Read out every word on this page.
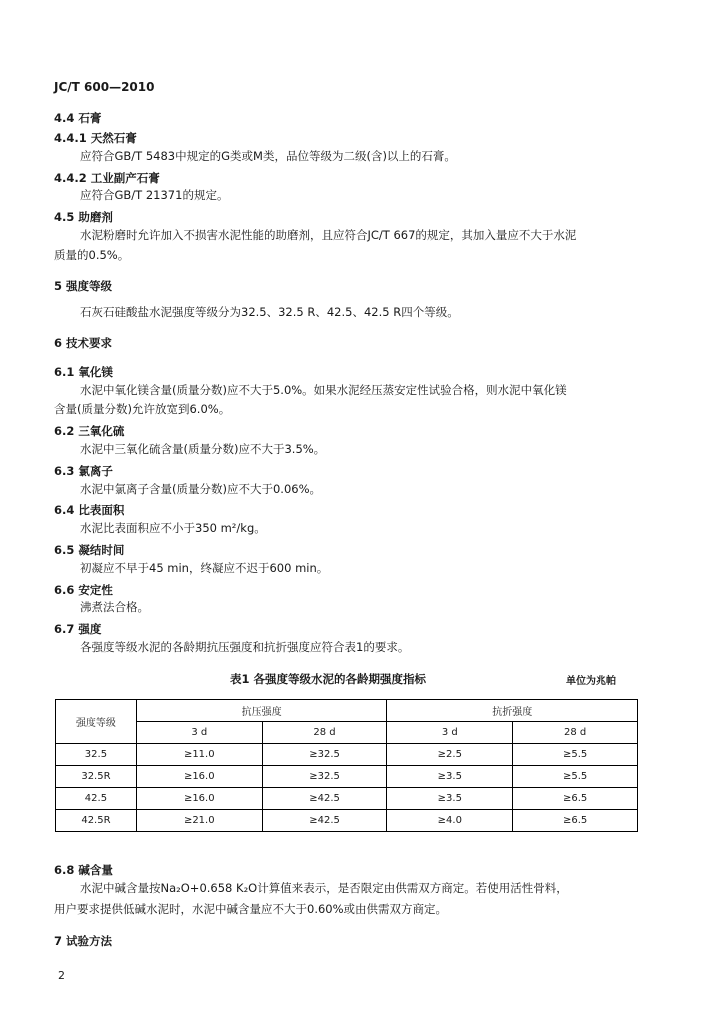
JC/T 600—2010
4.4 石膏
4.4.1 天然石膏
应符合GB/T 5483中规定的G类或M类，品位等级为二级(含)以上的石膏。
4.4.2 工业副产石膏
应符合GB/T 21371的规定。
4.5 助磨剂
水泥粉磨时允许加入不损害水泥性能的助磨剂，且应符合JC/T 667的规定，其加入量应不大于水泥
质量的0.5%。
5 强度等级
石灰石硅酸盐水泥强度等级分为32.5、32.5 R、42.5、42.5 R四个等级。
6 技术要求
6.1 氧化镁
水泥中氧化镁含量(质量分数)应不大于5.0%。如果水泥经压蒸安定性试验合格，则水泥中氧化镁
含量(质量分数)允许放宽到6.0%。
6.2 三氧化硫
水泥中三氧化硫含量(质量分数)应不大于3.5%。
6.3 氯离子
水泥中氯离子含量(质量分数)应不大于0.06%。
6.4 比表面积
水泥比表面积应不小于350 m²/kg。
6.5 凝结时间
初凝应不早于45 min，终凝应不迟于600 min。
6.6 安定性
沸煮法合格。
6.7 强度
各强度等级水泥的各龄期抗压强度和抗折强度应符合表1的要求。
表1 各强度等级水泥的各龄期强度指标	单位为兆帕
强度等级	抗压强度		抗折强度	
	3 d	28 d	3 d	28 d
32.5	≥11.0	≥32.5	≥2.5	≥5.5
32.5R	≥16.0	≥32.5	≥3.5	≥5.5
42.5	≥16.0	≥42.5	≥3.5	≥6.5
42.5R	≥21.0	≥42.5	≥4.0	≥6.5
6.8 碱含量
水泥中碱含量按Na₂O+0.658 K₂O计算值来表示，是否限定由供需双方商定。若使用活性骨料，
用户要求提供低碱水泥时，水泥中碱含量应不大于0.60%或由供需双方商定。
7 试验方法
2
